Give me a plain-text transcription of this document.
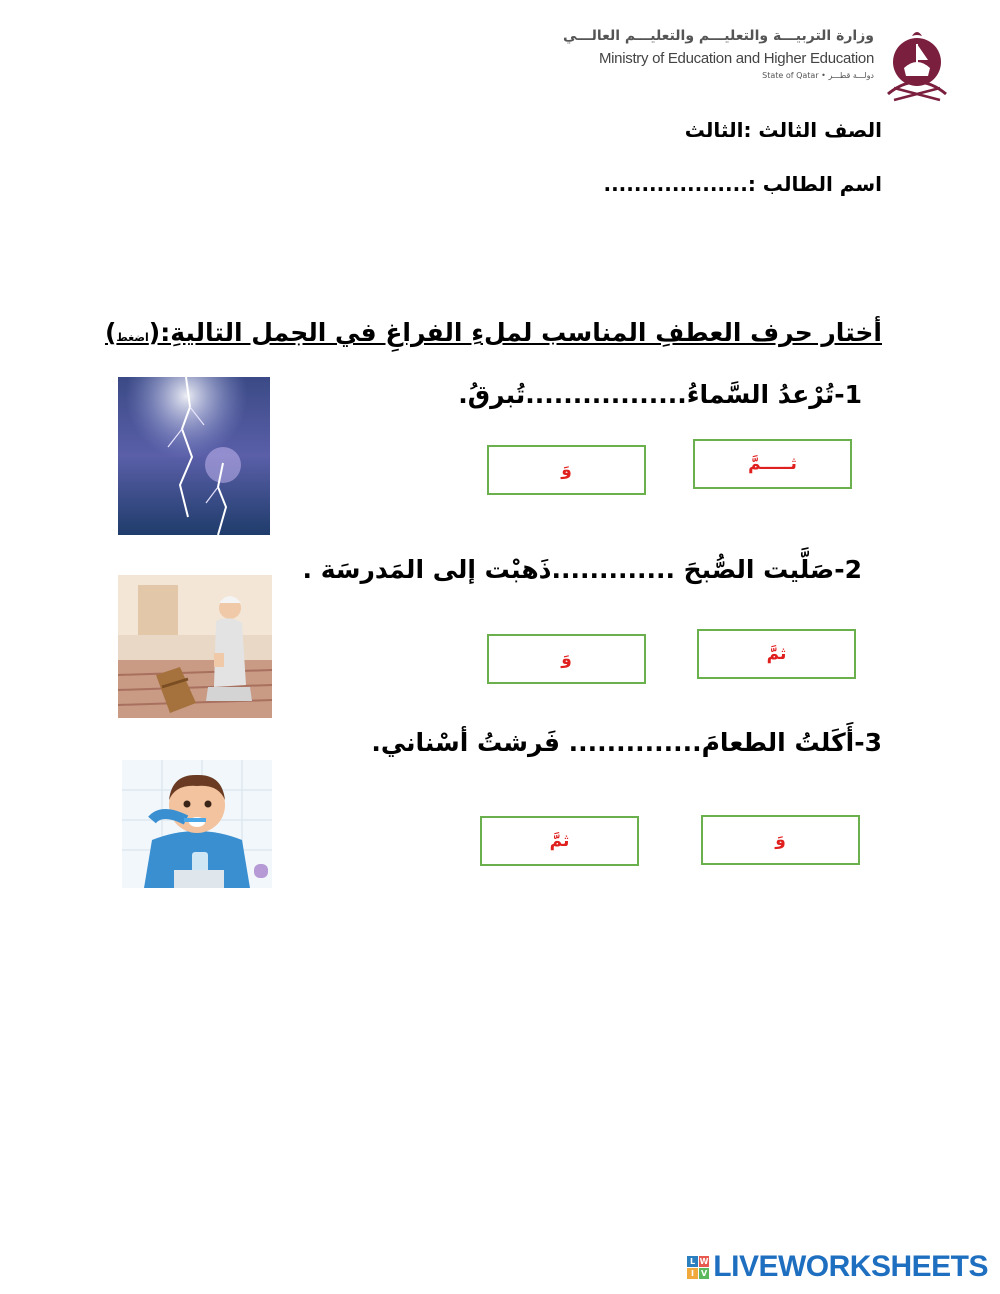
وزارة التربيـــة والتعليـــم والتعليـــم العالـــي
Ministry of Education and Higher Education
State of Qatar • دولـــة قطـــر
الصف الثالث :الثالث
اسم الطالب :...................
أختار حرف العطفِ المناسب لملءِ الفراغِ في الجمل التاليةِ:(اضغط)
1-تُرْعدُ السَّماءُ.................تُبرقُ.
ثـــــمَّ
وَ
2-صَلَّيت الصُّبحَ .............ذَهبْت إلى المَدرسَة .
ثمَّ
وَ
3-أَكَلتُ الطعامَ.............. فَرشتُ أسْناني.
وَ
ثمَّ
L W
I V LIVEWORKSHEETS
